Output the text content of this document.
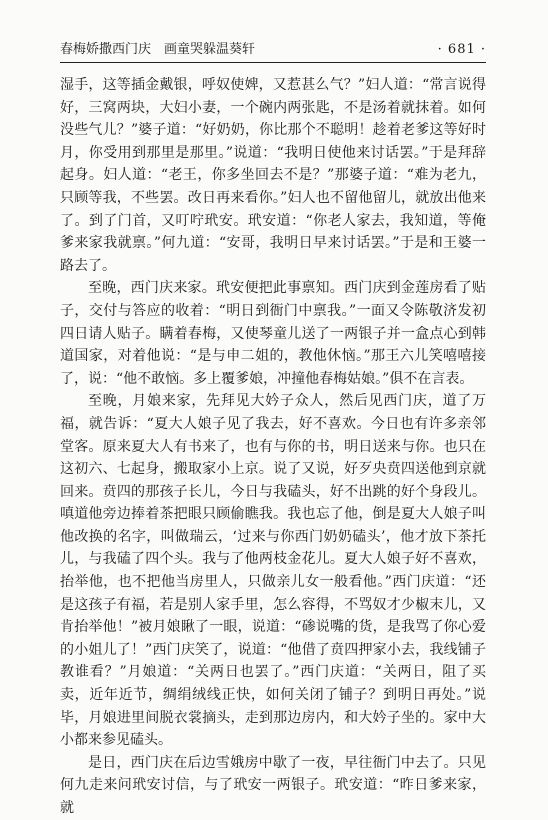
春梅娇撒西门庆　画童哭躲温葵轩	· 681 ·

湿手，这等插金戴银，呼奴使婢，又惹甚么气？”妇人道：“常言说得好，三窝两块，大妇小妻，一个碗内两张匙，不是汤着就抹着。如何没些气儿？”婆子道：“好奶奶，你比那个不聪明！趁着老爹这等好时月，你受用到那里是那里。”说道：“我明日使他来讨话罢。”于是拜辞起身。妇人道：“老王，你多坐回去不是？”那婆子道：“难为老九，只顾等我，不些罢。改日再来看你。”妇人也不留他留儿，就放出他来了。到了门首，又叮咛玳安。玳安道：“你老人家去，我知道，等俺爹来家我就禀。”何九道：“安哥，我明日早来讨话罢。”于是和王婆一路去了。

至晚，西门庆来家。玳安便把此事禀知。西门庆到金莲房看了贴子，交付与答应的收着：“明日到衙门中禀我。”一面又令陈敬济发初四日请人贴子。瞒着春梅，又使琴童儿送了一两银子并一盒点心到韩道国家，对着他说：“是与申二姐的，教他休恼。”那王六儿笑嘻嘻接了，说：“他不敢恼。多上覆爹娘，冲撞他春梅姑娘。”俱不在言表。

至晚，月娘来家，先拜见大妗子众人，然后见西门庆，道了万福，就告诉：“夏大人娘子见了我去，好不喜欢。今日也有许多亲邻堂客。原来夏大人有书来了，也有与你的书，明日送来与你。也只在这初六、七起身，搬取家小上京。说了又说，好歹央贲四送他到京就回来。贲四的那孩子长儿，今日与我磕头，好不出跳的好个身段儿。嗔道他旁边捧着茶把眼只顾偷瞧我。我也忘了他，倒是夏大人娘子叫他改换的名字，叫做瑞云，‘过来与你西门奶奶磕头’，他才放下茶托儿，与我磕了四个头。我与了他两枝金花儿。夏大人娘子好不喜欢，抬举他，也不把他当房里人，只做亲儿女一般看他。”西门庆道：“还是这孩子有福，若是别人家手里，怎么容得，不骂奴才少椒末儿，又肯抬举他！”被月娘瞅了一眼，说道：“碜说嘴的货，是我骂了你心爱的小姐儿了！”西门庆笑了，说道：“他借了贲四押家小去，我线铺子教谁看？”月娘道：“关两日也罢了。”西门庆道：“关两日，阻了买卖，近年近节，绸绢绒线正快，如何关闭了铺子？到明日再处。”说毕，月娘进里间脱衣裳摘头，走到那边房内，和大妗子坐的。家中大小都来参见磕头。

是日，西门庆在后边雪娥房中歇了一夜，早往衙门中去了。只见何九走来问玳安讨信，与了玳安一两银子。玳安道：“昨日爹来家，就
